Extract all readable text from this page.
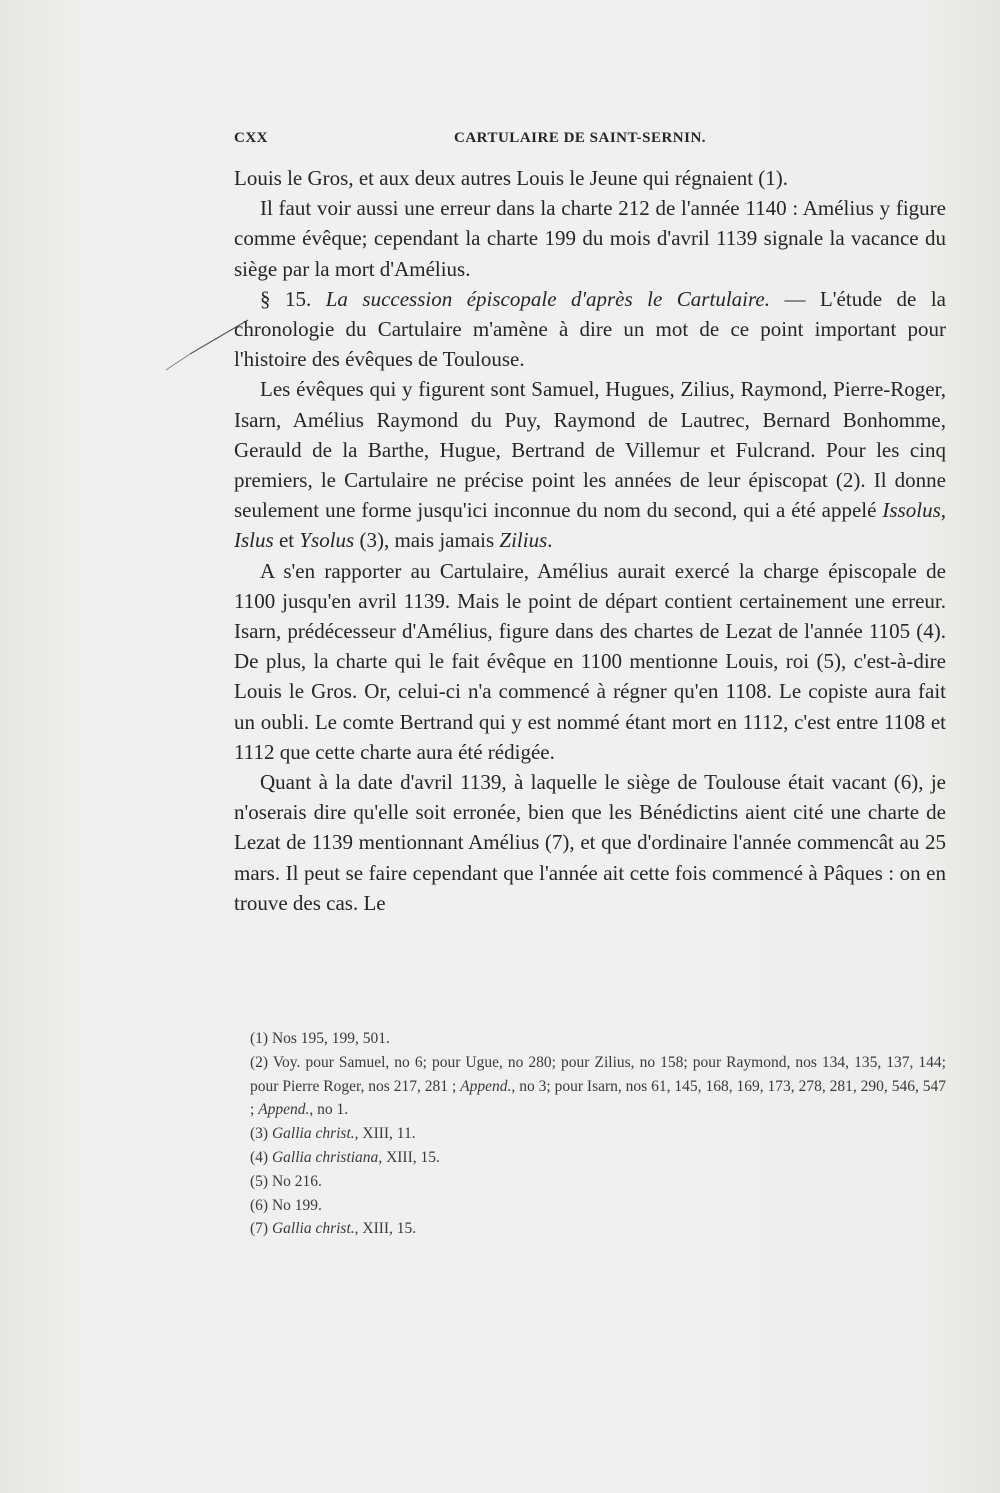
CXX	CARTULAIRE DE SAINT-SERNIN.

Louis le Gros, et aux deux autres Louis le Jeune qui régnaient (1).

Il faut voir aussi une erreur dans la charte 212 de l'année 1140 : Amélius y figure comme évêque; cependant la charte 199 du mois d'avril 1139 signale la vacance du siège par la mort d'Amélius.

§ 15. La succession épiscopale d'après le Cartulaire. — L'étude de la chronologie du Cartulaire m'amène à dire un mot de ce point important pour l'histoire des évêques de Toulouse.

Les évêques qui y figurent sont Samuel, Hugues, Zilius, Raymond, Pierre-Roger, Isarn, Amélius Raymond du Puy, Raymond de Lautrec, Bernard Bonhomme, Gerauld de la Barthe, Hugue, Bertrand de Villemur et Fulcrand. Pour les cinq premiers, le Cartulaire ne précise point les années de leur épiscopat (2). Il donne seulement une forme jusqu'ici inconnue du nom du second, qui a été appelé Issolus, Islus et Ysolus (3), mais jamais Zilius.

A s'en rapporter au Cartulaire, Amélius aurait exercé la charge épiscopale de 1100 jusqu'en avril 1139. Mais le point de départ contient certainement une erreur. Isarn, prédécesseur d'Amélius, figure dans des chartes de Lezat de l'année 1105 (4). De plus, la charte qui le fait évêque en 1100 mentionne Louis, roi (5), c'est-à-dire Louis le Gros. Or, celui-ci n'a commencé à régner qu'en 1108. Le copiste aura fait un oubli. Le comte Bertrand qui y est nommé étant mort en 1112, c'est entre 1108 et 1112 que cette charte aura été rédigée.

Quant à la date d'avril 1139, à laquelle le siège de Toulouse était vacant (6), je n'oserais dire qu'elle soit erronée, bien que les Bénédictins aient cité une charte de Lezat de 1139 mentionnant Amélius (7), et que d'ordinaire l'année commencât au 25 mars. Il peut se faire cependant que l'année ait cette fois commencé à Pâques : on en trouve des cas. Le

(1) Nos 195, 199, 501.
(2) Voy. pour Samuel, no 6; pour Ugue, no 280; pour Zilius, no 158; pour Raymond, nos 134, 135, 137, 144; pour Pierre Roger, nos 217, 281 ; Append., no 3; pour Isarn, nos 61, 145, 168, 169, 173, 278, 281, 290, 546, 547 ; Append., no 1.
(3) Gallia christ., XIII, 11.
(4) Gallia christiana, XIII, 15.
(5) No 216.
(6) No 199.
(7) Gallia christ., XIII, 15.
